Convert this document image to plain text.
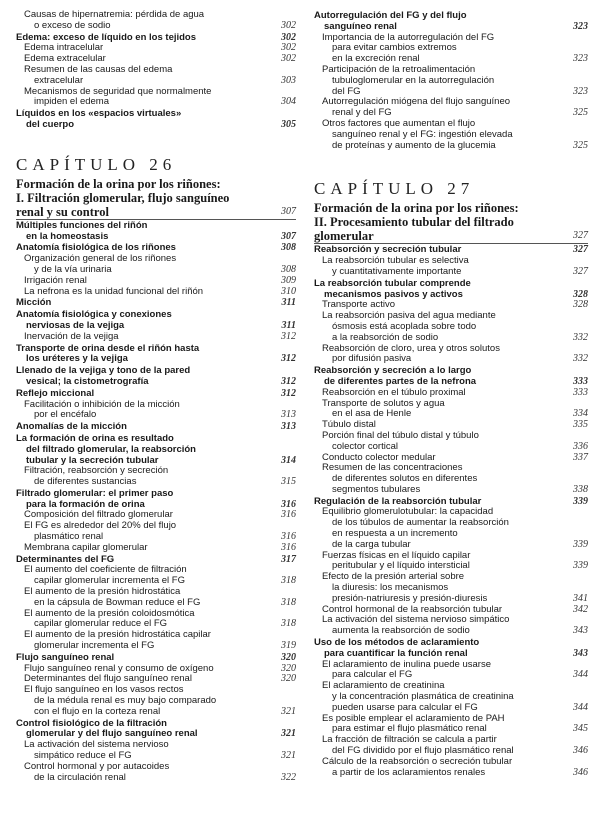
Causas de hipernatremia: pérdida de agua
o exceso de sodio	302
Edema: exceso de líquido en los tejidos	302
Edema intracelular	302
Edema extracelular	302
Resumen de las causas del edema
extracelular	303
Mecanismos de seguridad que normalmente
impiden el edema	304
Líquidos en los «espacios virtuales»
del cuerpo	305
CAPÍTULO 26
Formación de la orina por los riñones:
I. Filtración glomerular, flujo sanguíneo
renal y su control	307
Múltiples funciones del riñón
en la homeostasis	307
Anatomía fisiológica de los riñones	308
Organización general de los riñones
y de la vía urinaria	308
Irrigación renal	309
La nefrona es la unidad funcional del riñón	310
Micción	311
Anatomía fisiológica y conexiones
nerviosas de la vejiga	311
Inervación de la vejiga	312
Transporte de orina desde el riñón hasta
los uréteres y la vejiga	312
Llenado de la vejiga y tono de la pared
vesical; la cistometrografía	312
Reflejo miccional	312
Facilitación o inhibición de la micción
por el encéfalo	313
Anomalías de la micción	313
La formación de orina es resultado
del filtrado glomerular, la reabsorción
tubular y la secreción tubular	314
Filtración, reabsorción y secreción
de diferentes sustancias	315
Filtrado glomerular: el primer paso
para la formación de orina	316
Composición del filtrado glomerular	316
El FG es alrededor del 20% del flujo
plasmático renal	316
Membrana capilar glomerular	316
Determinantes del FG	317
El aumento del coeficiente de filtración
capilar glomerular incrementa el FG	318
El aumento de la presión hidrostática
en la cápsula de Bowman reduce el FG	318
El aumento de la presión coloidosmótica
capilar glomerular reduce el FG	318
El aumento de la presión hidrostática capilar
glomerular incrementa el FG	319
Flujo sanguíneo renal	320
Flujo sanguíneo renal y consumo de oxígeno	320
Determinantes del flujo sanguíneo renal	320
El flujo sanguíneo en los vasos rectos
de la médula renal es muy bajo comparado
con el flujo en la corteza renal	321
Control fisiológico de la filtración
glomerular y del flujo sanguíneo renal	321
La activación del sistema nervioso
simpático reduce el FG	321
Control hormonal y por autacoides
de la circulación renal	322
Autorregulación del FG y del flujo
sanguíneo renal	323
Importancia de la autorregulación del FG
para evitar cambios extremos
en la excreción renal	323
Participación de la retroalimentación
tubuloglomerular en la autorregulación
del FG	323
Autorregulación miógena del flujo sanguíneo
renal y del FG	325
Otros factores que aumentan el flujo
sanguíneo renal y el FG: ingestión elevada
de proteínas y aumento de la glucemia	325
CAPÍTULO 27
Formación de la orina por los riñones:
II. Procesamiento tubular del filtrado
glomerular	327
Reabsorción y secreción tubular	327
La reabsorción tubular es selectiva
y cuantitativamente importante	327
La reabsorción tubular comprende
mecanismos pasivos y activos	328
Transporte activo	328
La reabsorción pasiva del agua mediante
ósmosis está acoplada sobre todo
a la reabsorción de sodio	332
Reabsorción de cloro, urea y otros solutos
por difusión pasiva	332
Reabsorción y secreción a lo largo
de diferentes partes de la nefrona	333
Reabsorción en el túbulo proximal	333
Transporte de solutos y agua
en el asa de Henle	334
Túbulo distal	335
Porción final del túbulo distal y túbulo
colector cortical	336
Conducto colector medular	337
Resumen de las concentraciones
de diferentes solutos en diferentes
segmentos tubulares	338
Regulación de la reabsorción tubular	339
Equilibrio glomerulotubular: la capacidad
de los túbulos de aumentar la reabsorción
en respuesta a un incremento
de la carga tubular	339
Fuerzas físicas en el líquido capilar
peritubular y el líquido intersticial	339
Efecto de la presión arterial sobre
la diuresis: los mecanismos
presión-natriuresis y presión-diuresis	341
Control hormonal de la reabsorción tubular	342
La activación del sistema nervioso simpático
aumenta la reabsorción de sodio	343
Uso de los métodos de aclaramiento
para cuantificar la función renal	343
El aclaramiento de inulina puede usarse
para calcular el FG	344
El aclaramiento de creatinina
y la concentración plasmática de creatinina
pueden usarse para calcular el FG	344
Es posible emplear el aclaramiento de PAH
para estimar el flujo plasmático renal	345
La fracción de filtración se calcula a partir
del FG dividido por el flujo plasmático renal	346
Cálculo de la reabsorción o secreción tubular
a partir de los aclaramientos renales	346
